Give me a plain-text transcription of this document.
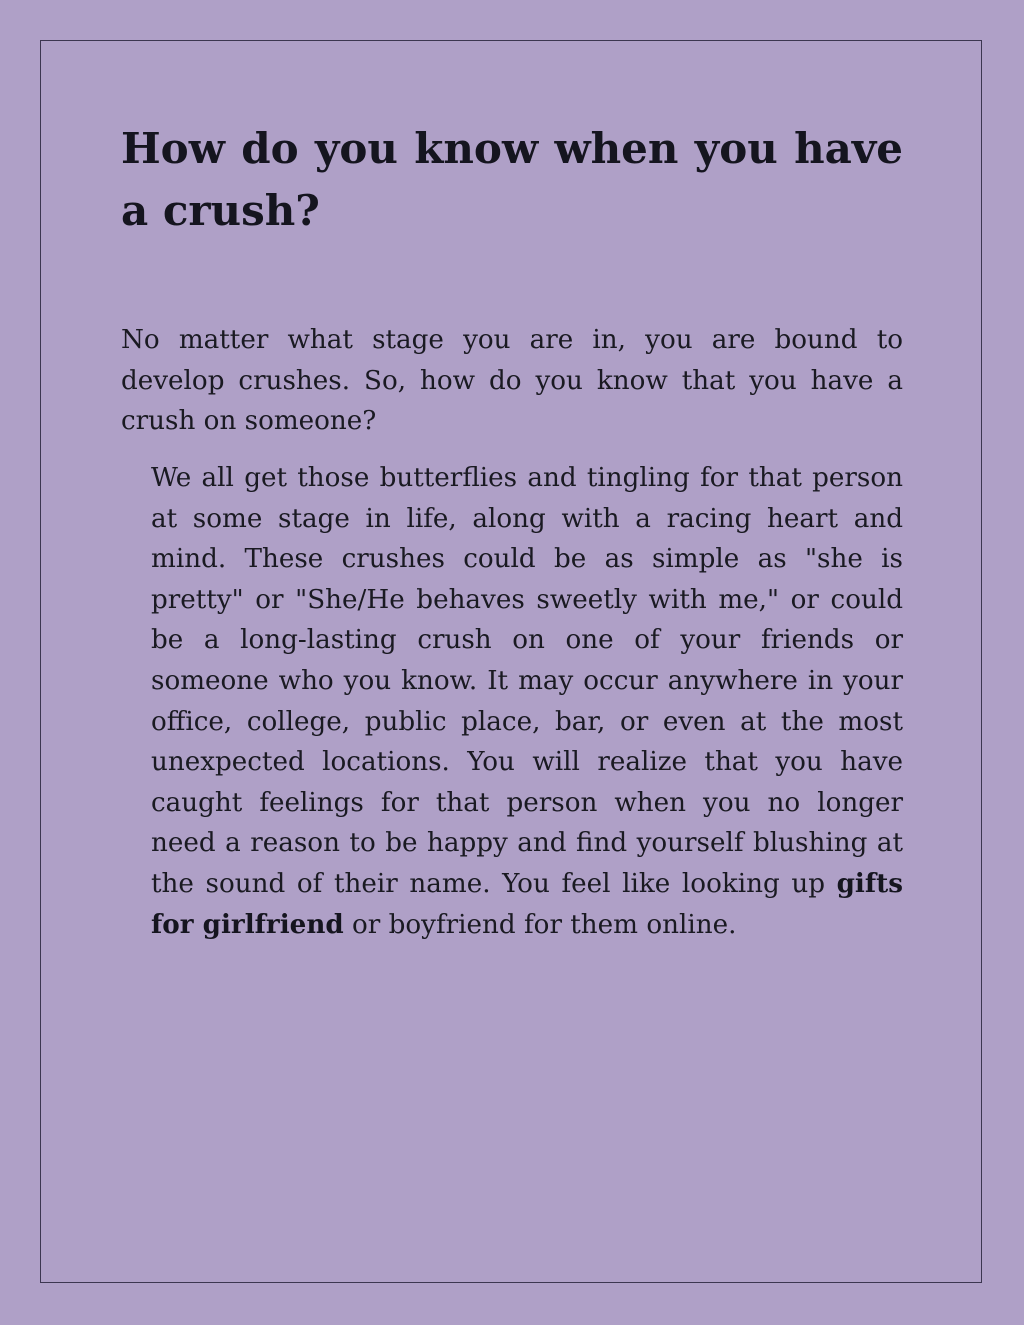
How do you know when you have a crush?

No matter what stage you are in, you are bound to develop crushes. So, how do you know that you have a crush on someone?

We all get those butterflies and tingling for that person at some stage in life, along with a racing heart and mind. These crushes could be as simple as "she is pretty" or "She/He behaves sweetly with me," or could be a long-lasting crush on one of your friends or someone who you know. It may occur anywhere in your office, college, public place, bar, or even at the most unexpected locations. You will realize that you have caught feelings for that person when you no longer need a reason to be happy and find yourself blushing at the sound of their name. You feel like looking up gifts for girlfriend or boyfriend for them online.
